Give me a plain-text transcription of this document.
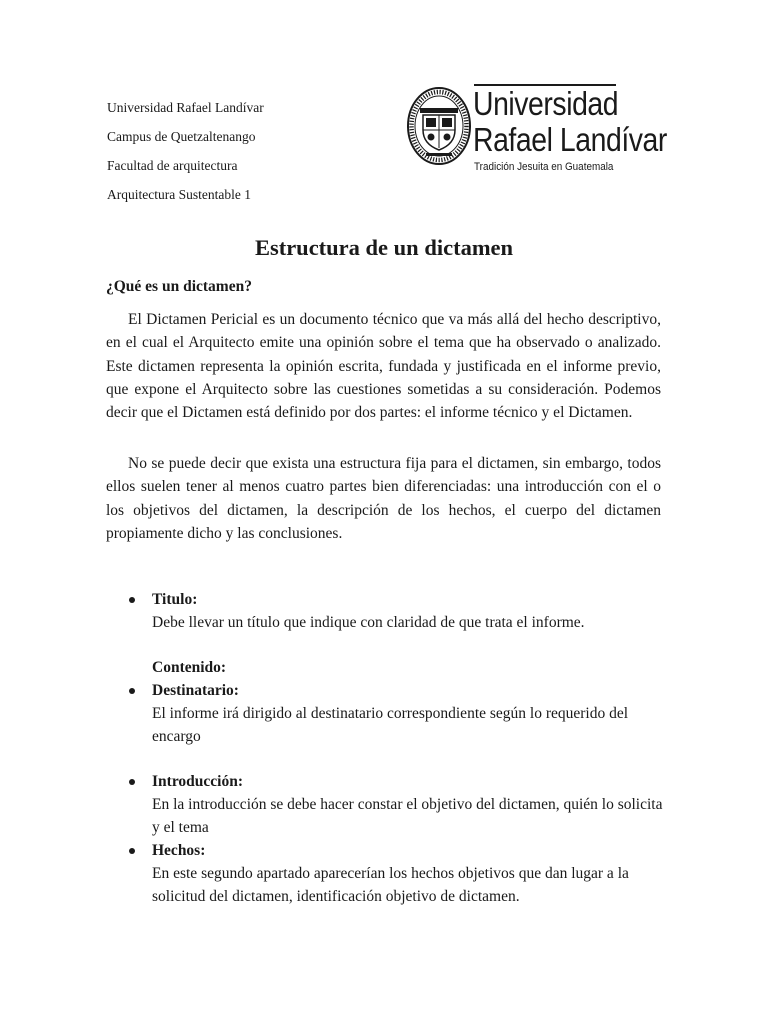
Universidad Rafael Landívar
Campus de Quetzaltenango
Facultad de arquitectura
Arquitectura Sustentable 1
Universidad
Rafael Landívar
Tradición Jesuita en Guatemala
Estructura de un dictamen
¿Qué es un dictamen?

El Dictamen Pericial es un documento técnico que va más allá del hecho descriptivo, en el cual el Arquitecto emite una opinión sobre el tema que ha observado o analizado. Este dictamen representa la opinión escrita, fundada y justificada en el informe previo, que expone el Arquitecto sobre las cuestiones sometidas a su consideración. Podemos decir que el Dictamen está definido por dos partes: el informe técnico y el Dictamen.

No se puede decir que exista una estructura fija para el dictamen, sin embargo, todos ellos suelen tener al menos cuatro partes bien diferenciadas: una introducción con el o los objetivos del dictamen, la descripción de los hechos, el cuerpo del dictamen propiamente dicho y las conclusiones.

Titulo:
Debe llevar un título que indique con claridad de que trata el informe.
Contenido:
Destinatario:
El informe irá dirigido al destinatario correspondiente según lo requerido del encargo
Introducción:
En la introducción se debe hacer constar el objetivo del dictamen, quién lo solicita y el tema
Hechos:
En este segundo apartado aparecerían los hechos objetivos que dan lugar a la solicitud del dictamen, identificación objetivo de dictamen.
